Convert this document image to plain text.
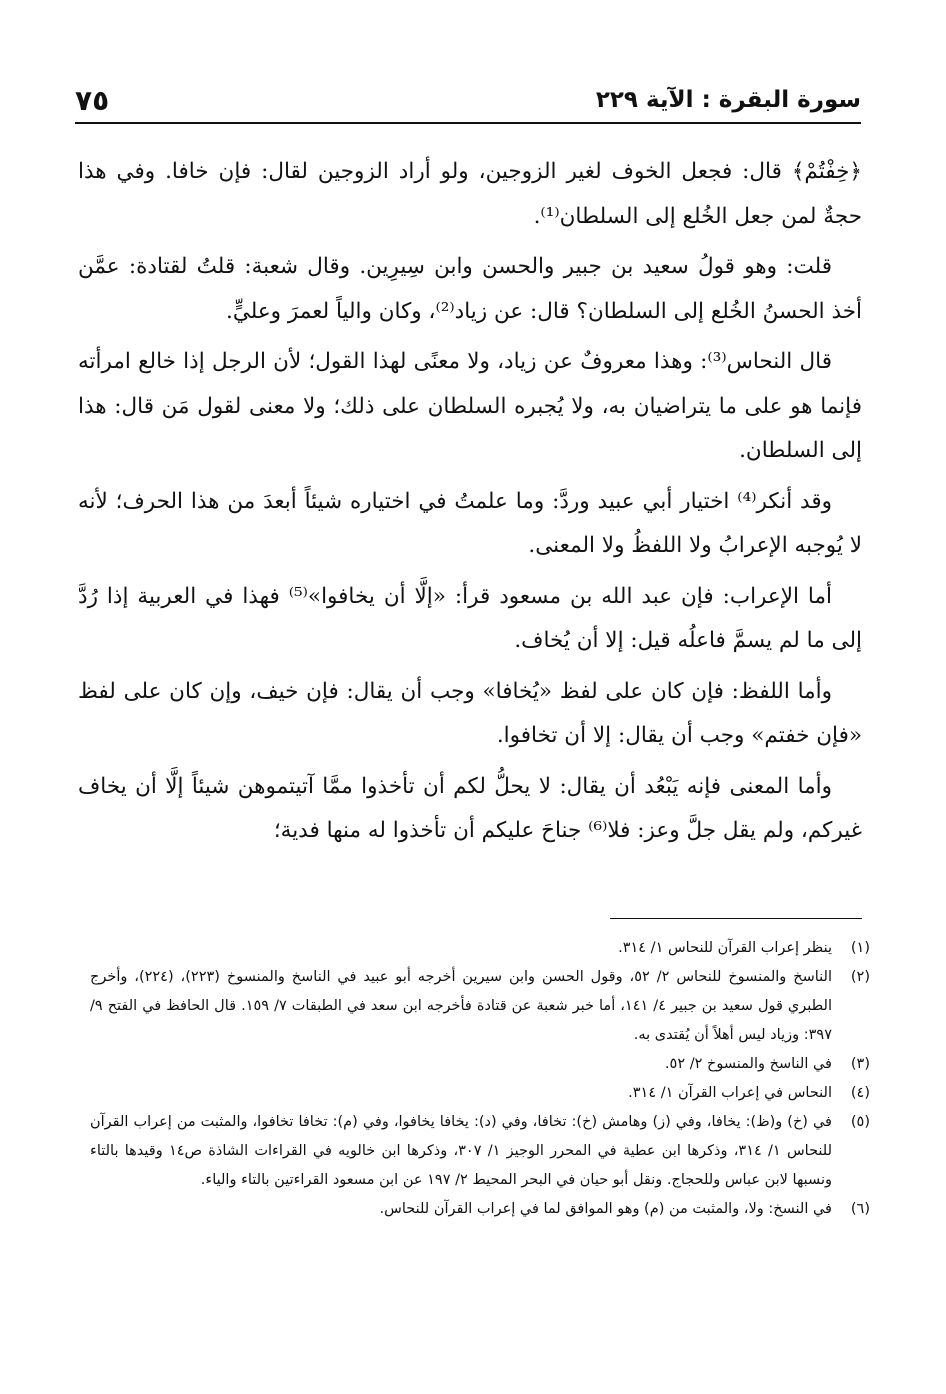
سورة البقرة : الآية ٢٢٩
٧٥

﴿خِفْتُمْ﴾ قال: فجعل الخوف لغير الزوجين، ولو أراد الزوجين لقال: فإن خافا. وفي هذا حجةٌ لمن جعل الخُلع إلى السلطان⁽¹⁾.

قلت: وهو قولُ سعيد بن جبير والحسن وابن سِيرِين. وقال شعبة: قلتُ لقتادة: عمَّن أخذ الحسنُ الخُلع إلى السلطان؟ قال: عن زياد⁽²⁾، وكان والياً لعمرَ وعليٍّ.

قال النحاس⁽³⁾: وهذا معروفٌ عن زياد، ولا معنًى لهذا القول؛ لأن الرجل إذا خالع امرأته فإنما هو على ما يتراضيان به، ولا يُجبره السلطان على ذلك؛ ولا معنى لقول مَن قال: هذا إلى السلطان.

وقد أنكر⁽⁴⁾ اختيار أبي عبيد وردَّ: وما علمتُ في اختياره شيئاً أبعدَ من هذا الحرف؛ لأنه لا يُوجبه الإعرابُ ولا اللفظُ ولا المعنى.

أما الإعراب: فإن عبد الله بن مسعود قرأ: «إلَّا أن يخافوا»⁽⁵⁾ فهذا في العربية إذا رُدَّ إلى ما لم يسمَّ فاعلُه قيل: إلا أن يُخاف.

وأما اللفظ: فإن كان على لفظ «يُخافا» وجب أن يقال: فإن خيف، وإن كان على لفظ «فإن خفتم» وجب أن يقال: إلا أن تخافوا.

وأما المعنى فإنه يَبْعُد أن يقال: لا يحلُّ لكم أن تأخذوا ممَّا آتيتموهن شيئاً إلَّا أن يخاف غيركم، ولم يقل جلَّ وعز: فلا⁽⁶⁾ جناحَ عليكم أن تأخذوا له منها فدية؛

(١)
ينظر إعراب القرآن للنحاس ١/ ٣١٤.
(٢)
الناسخ والمنسوخ للنحاس ٢/ ٥٢، وقول الحسن وابن سيرين أخرجه أبو عبيد في الناسخ والمنسوخ (٢٢٣)، (٢٢٤)، وأخرج الطبري قول سعيد بن جبير ٤/ ١٤١، أما خبر شعبة عن قتادة فأخرجه ابن سعد في الطبقات ٧/ ١٥٩. قال الحافظ في الفتح ٩/ ٣٩٧: وزياد ليس أهلاً أن يُقتدى به.
(٣)
في الناسخ والمنسوخ ٢/ ٥٢.
(٤)
النحاس في إعراب القرآن ١/ ٣١٤.
(٥)
في (خ) و(ظ): يخافا، وفي (ز) وهامش (خ): تخافا، وفي (د): يخافا يخافوا، وفي (م): تخافا تخافوا، والمثبت من إعراب القرآن للنحاس ١/ ٣١٤، وذكرها ابن عطية في المحرر الوجيز ١/ ٣٠٧، وذكرها ابن خالويه في القراءات الشاذة ص١٤ وقيدها بالتاء ونسبها لابن عباس وللحجاج. ونقل أبو حيان في البحر المحيط ٢/ ١٩٧ عن ابن مسعود القراءتين بالتاء والياء.
(٦)
في النسخ: ولا، والمثبت من (م) وهو الموافق لما في إعراب القرآن للنحاس.
